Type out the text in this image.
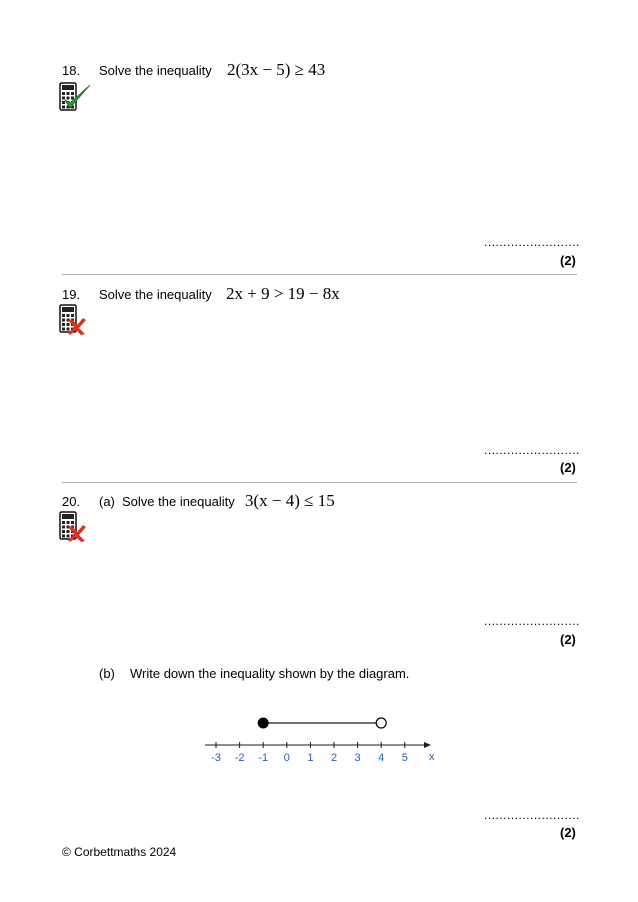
18. Solve the inequality 2(3x − 5) ≥ 43
.........................
(2)
19. Solve the inequality 2x + 9 > 19 − 8x
.........................
(2)
20. (a) Solve the inequality 3(x − 4) ≤ 15
.........................
(2)
(b) Write down the inequality shown by the diagram.
-3 -2 -1 0 1 2 3 4 5 x
.........................
(2)
© Corbettmaths 2024
